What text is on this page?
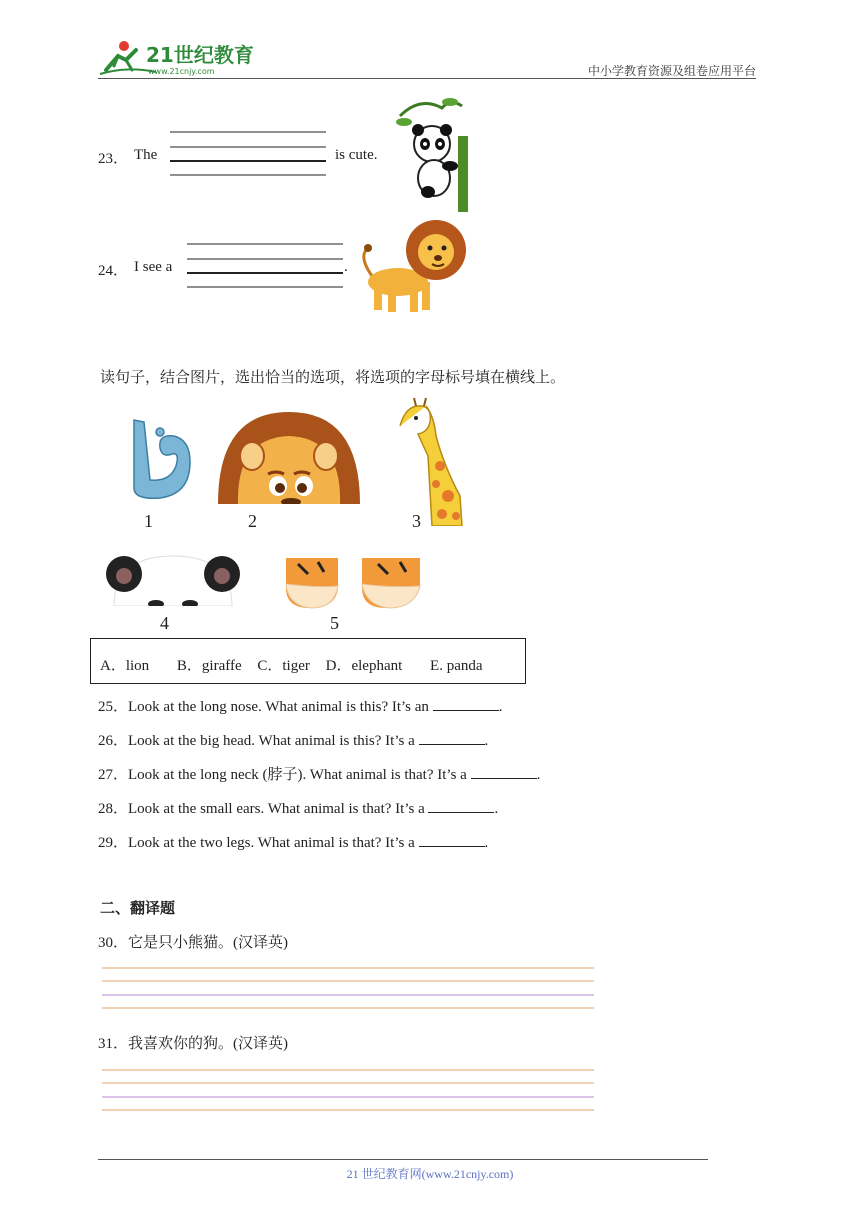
21世纪教育
www.21cnjy.com	中小学教育资源及组卷应用平台
23． The	is cute.
24． I see a	.
读句子，结合图片，选出恰当的选项，将选项的字母标号填在横线上。
1	2	3
4	5
A．lion B．giraffe C．tiger D．elephant E. panda
25．Look at the long nose. What animal is this? It’s an	.
26．Look at the big head. What animal is this? It’s a	.
27．Look at the long neck (脖子). What animal is that? It’s a	.
28．Look at the small ears. What animal is that? It’s a	.
29．Look at the two legs. What animal is that? It’s a	.
二、翻译题
30．它是只小熊猫。(汉译英)
31．我喜欢你的狗。(汉译英)
21 世纪教育网(www.21cnjy.com)
